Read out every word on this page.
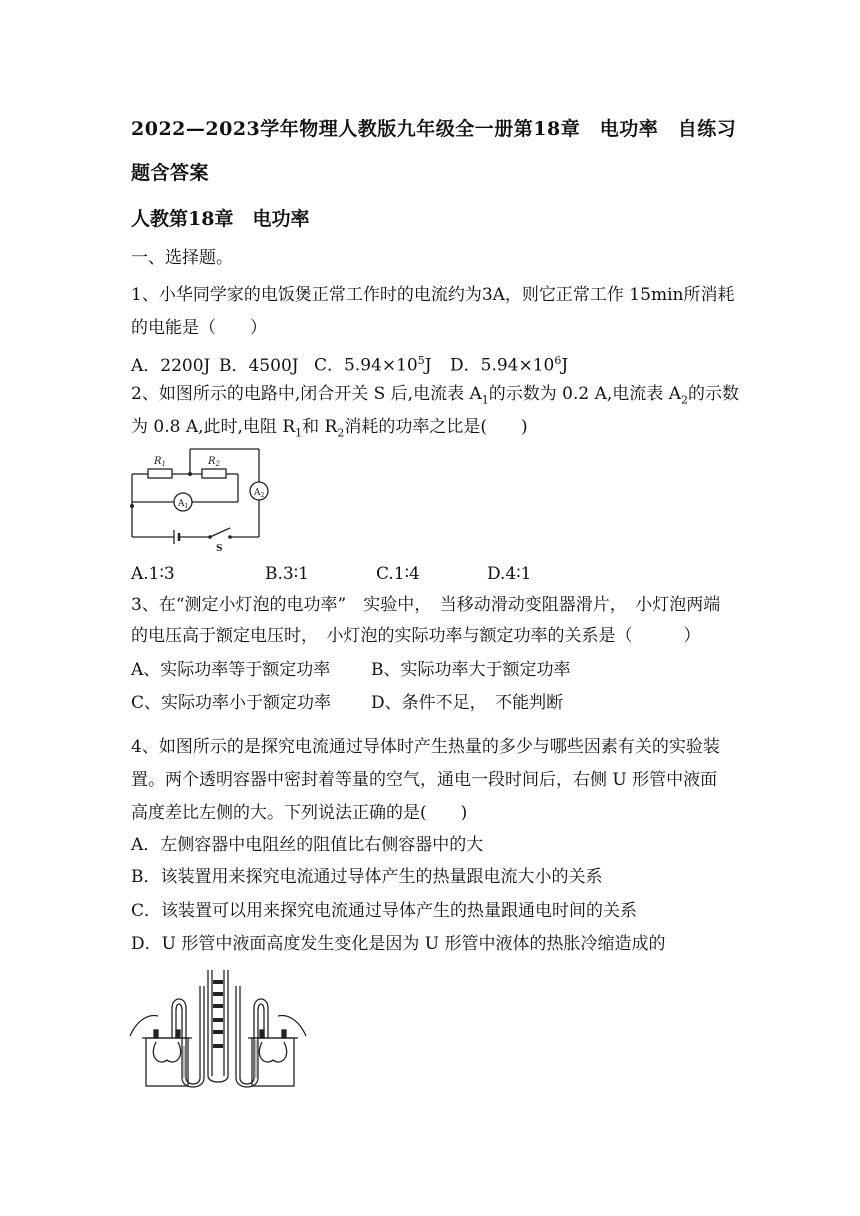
2022—2023学年物理人教版九年级全一册第18章　电功率　自练习
题含答案
人教第18章　电功率
一、选择题。
1、小华同学家的电饭煲正常工作时的电流约为3A，则它正常工作 15min所消耗
的电能是（　　）
A．2200J B．4500J C．$5.94\times 10^5J$ D．$5.94\times 10^6J$
2、如图所示的电路中,闭合开关 S 后,电流表 $A_1$的示数为 0.2 A,电流表 $A_2$的示数
为 0.8 A,此时,电阻 $R_1$和 $R_2$消耗的功率之比是(　　)
$R_1$	$R_2$
$A_1$
$A_2$
S
A.1∶3	B.3∶1	C.1∶4	D.4∶1
3、在“测定小灯泡的电功率”　实验中，　当移动滑动变阻器滑片，　小灯泡两端
的电压高于额定电压时，　小灯泡的实际功率与额定功率的关系是（　　　）
A、实际功率等于额定功率 B、实际功率大于额定功率
C、实际功率小于额定功率 D、条件不足，　不能判断
4、如图所示的是探究电流通过导体时产生热量的多少与哪些因素有关的实验装
置。两个透明容器中密封着等量的空气，通电一段时间后，右侧 U 形管中液面
高度差比左侧的大。下列说法正确的是(　　)
A．左侧容器中电阻丝的阻值比右侧容器中的大
B．该装置用来探究电流通过导体产生的热量跟电流大小的关系
C．该装置可以用来探究电流通过导体产生的热量跟通电时间的关系
D．U 形管中液面高度发生变化是因为 U 形管中液体的热胀冷缩造成的
